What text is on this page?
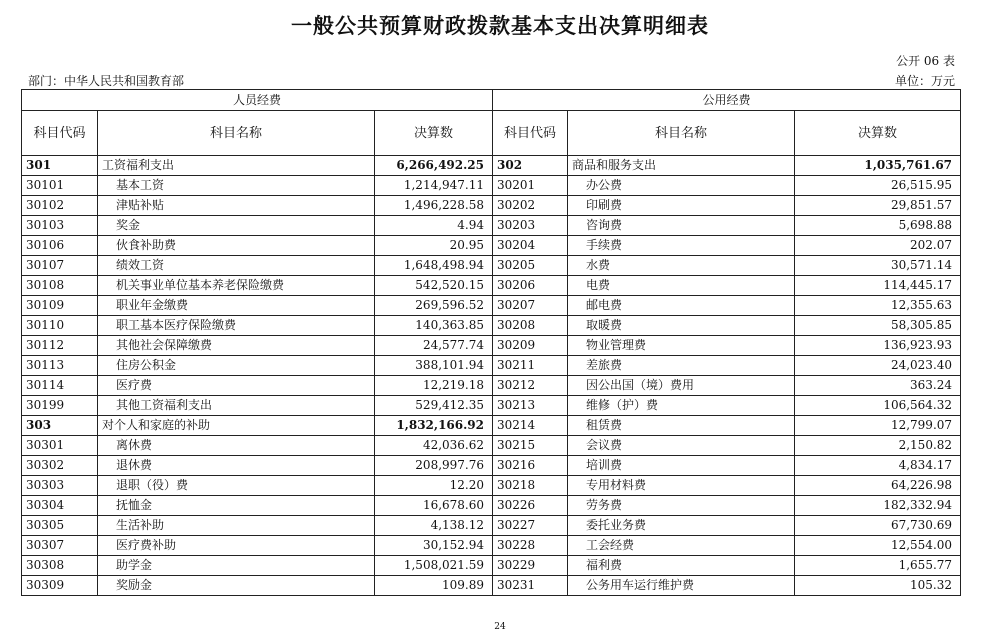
一般公共预算财政拨款基本支出决算明细表
公开 06 表
部门：中华人民共和国教育部	单位：万元
人员经费			公用经费		
科目代码	科目名称	决算数	科目代码	科目名称	决算数
301	工资福利支出	6,266,492.25	302	商品和服务支出	1,035,761.67
30101	基本工资	1,214,947.11	30201	办公费	26,515.95
30102	津贴补贴	1,496,228.58	30202	印刷费	29,851.57
30103	奖金	4.94	30203	咨询费	5,698.88
30106	伙食补助费	20.95	30204	手续费	202.07
30107	绩效工资	1,648,498.94	30205	水费	30,571.14
30108	机关事业单位基本养老保险缴费	542,520.15	30206	电费	114,445.17
30109	职业年金缴费	269,596.52	30207	邮电费	12,355.63
30110	职工基本医疗保险缴费	140,363.85	30208	取暖费	58,305.85
30112	其他社会保障缴费	24,577.74	30209	物业管理费	136,923.93
30113	住房公积金	388,101.94	30211	差旅费	24,023.40
30114	医疗费	12,219.18	30212	因公出国（境）费用	363.24
30199	其他工资福利支出	529,412.35	30213	维修（护）费	106,564.32
303	对个人和家庭的补助	1,832,166.92	30214	租赁费	12,799.07
30301	离休费	42,036.62	30215	会议费	2,150.82
30302	退休费	208,997.76	30216	培训费	4,834.17
30303	退职（役）费	12.20	30218	专用材料费	64,226.98
30304	抚恤金	16,678.60	30226	劳务费	182,332.94
30305	生活补助	4,138.12	30227	委托业务费	67,730.69
30307	医疗费补助	30,152.94	30228	工会经费	12,554.00
30308	助学金	1,508,021.59	30229	福利费	1,655.77
30309	奖励金	109.89	30231	公务用车运行维护费	105.32
24
